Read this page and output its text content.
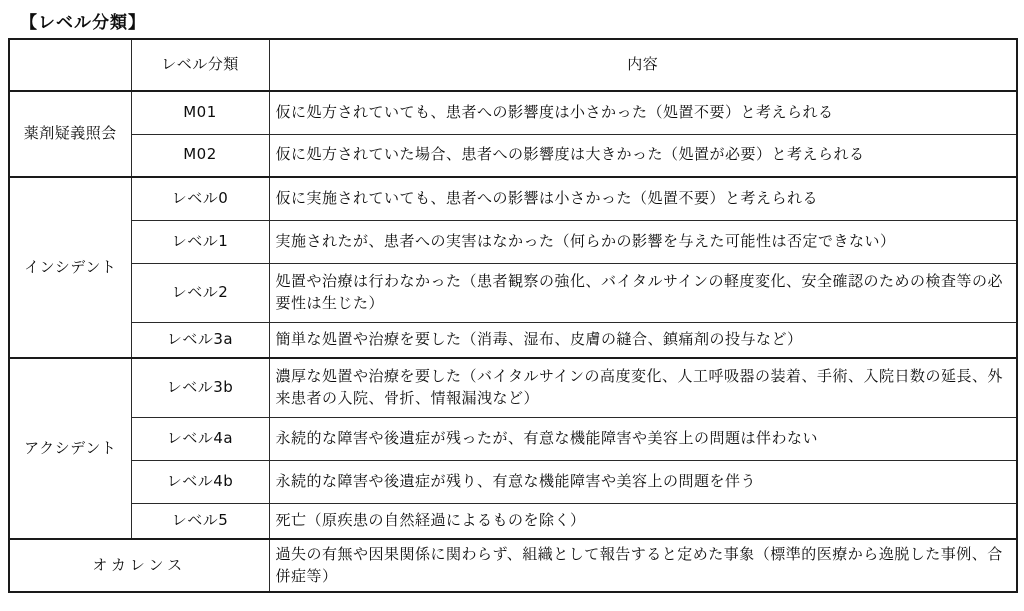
【レベル分類】
	レベル分類	内容
薬剤疑義照会	M01	仮に処方されていても、患者への影響度は小さかった（処置不要）と考えられる
	M02	仮に処方されていた場合、患者への影響度は大きかった（処置が必要）と考えられる
インシデント	レベル0	仮に実施されていても、患者への影響は小さかった（処置不要）と考えられる
	レベル1	実施されたが、患者への実害はなかった（何らかの影響を与えた可能性は否定できない）
	レベル2	処置や治療は行わなかった（患者観察の強化、バイタルサインの軽度変化、安全確認のための検査等の必要性は生じた）
	レベル3a	簡単な処置や治療を要した（消毒、湿布、皮膚の縫合、鎮痛剤の投与など）
アクシデント	レベル3b	濃厚な処置や治療を要した（バイタルサインの高度変化、人工呼吸器の装着、手術、入院日数の延長、外来患者の入院、骨折、情報漏洩など）
	レベル4a	永続的な障害や後遺症が残ったが、有意な機能障害や美容上の問題は伴わない
	レベル4b	永続的な障害や後遺症が残り、有意な機能障害や美容上の問題を伴う
	レベル5	死亡（原疾患の自然経過によるものを除く）
オカレンス		過失の有無や因果関係に関わらず、組織として報告すると定めた事象（標準的医療から逸脱した事例、合併症等）
